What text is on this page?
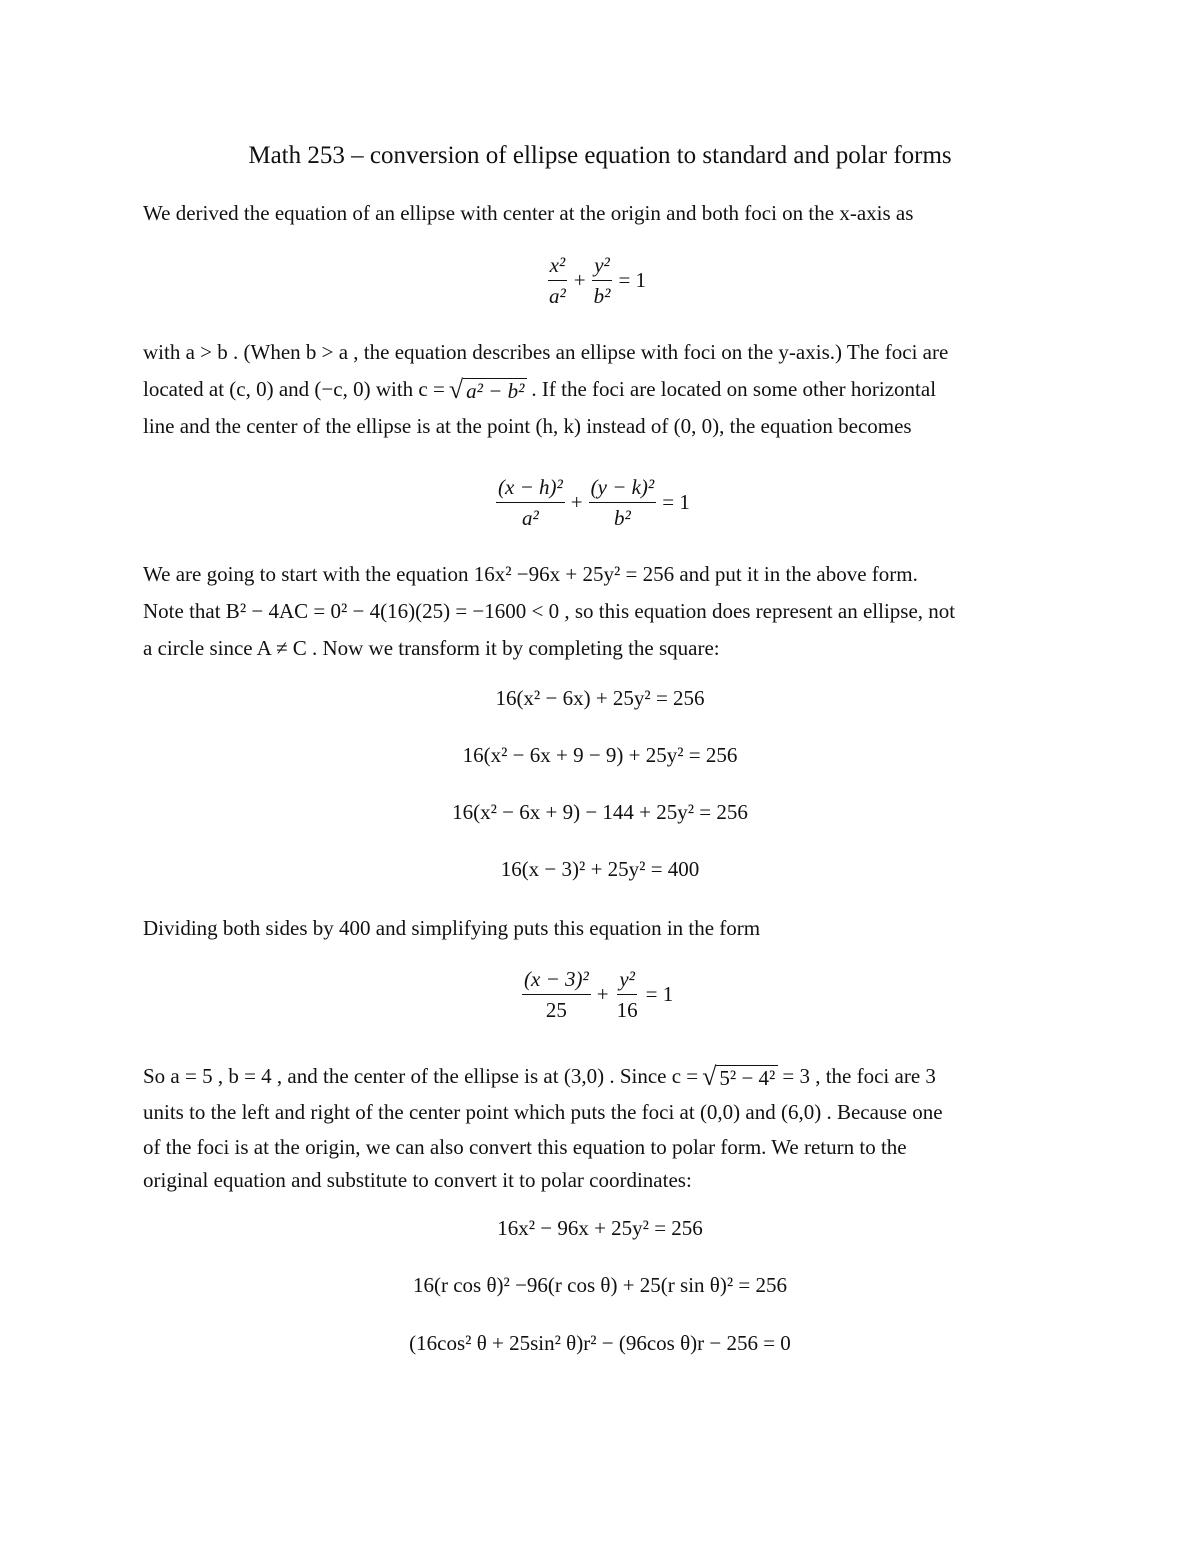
Math 253 – conversion of ellipse equation to standard and polar forms
We derived the equation of an ellipse with center at the origin and both foci on the x-axis as
$\frac{\text{x²}}{\text{a²}} + \frac{\text{y²}}{\text{b²}} = 1$
with a > b . (When b > a , the equation describes an ellipse with foci on the y-axis.) The foci are
located at (c, 0) and (−c, 0) with c = √ a² − b² . If the foci are located on some other horizontal
line and the center of the ellipse is at the point (h, k) instead of (0, 0), the equation becomes
$\frac{\text{(x − h)²}}{\text{a²}} + \frac{\text{(y − k)²}}{\text{b²}} = 1$
We are going to start with the equation 16x² −96x + 25y² = 256 and put it in the above form.
Note that B² − 4AC = 0² − 4(16)(25) = −1600 < 0 , so this equation does represent an ellipse, not
a circle since A ≠ C . Now we transform it by completing the square:
16(x² − 6x) + 25y² = 256
16(x² − 6x + 9 − 9) + 25y² = 256
16(x² − 6x + 9) − 144 + 25y² = 256
16(x − 3)² + 25y² = 400
Dividing both sides by 400 and simplifying puts this equation in the form
$\frac{\text{(x − 3)²}}{25} + \frac{\text{y²}}{16} = 1$
So a = 5 , b = 4 , and the center of the ellipse is at (3,0) . Since c = √ 5² − 4² = 3 , the foci are 3
units to the left and right of the center point which puts the foci at (0,0) and (6,0) . Because one
of the foci is at the origin, we can also convert this equation to polar form. We return to the
original equation and substitute to convert it to polar coordinates:
16x² − 96x + 25y² = 256
16(r cos θ)² −96(r cos θ) + 25(r sin θ)² = 256
(16cos² θ + 25sin² θ)r² − (96cos θ)r − 256 = 0
